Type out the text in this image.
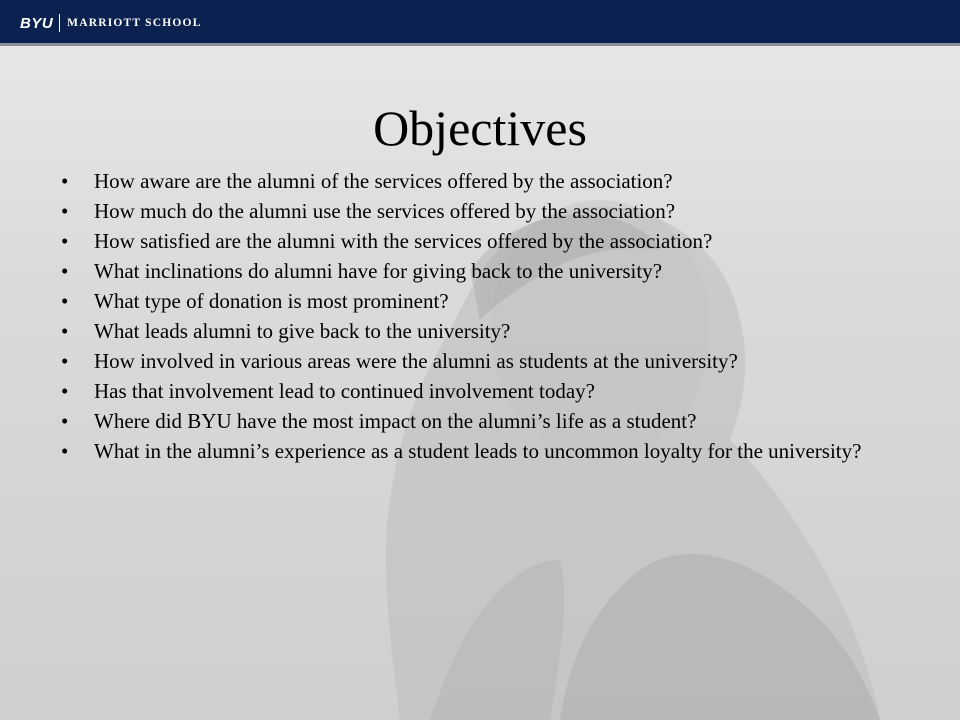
BYU MARRIOTT SCHOOL
Objectives
•	How aware are the alumni of the services offered by the association?
•	How much do the alumni use the services offered by the association?
•	How satisfied are the alumni with the services offered by the association?
•	What inclinations do alumni have for giving back to the university?
•	What type of donation is most prominent?
•	What leads alumni to give back to the university?
•	How involved in various areas were the alumni as students at the university?
•	Has that involvement lead to continued involvement today?
•	Where did BYU have the most impact on the alumni’s life as a student?
•	What in the alumni’s experience as a student leads to uncommon loyalty for the university?
